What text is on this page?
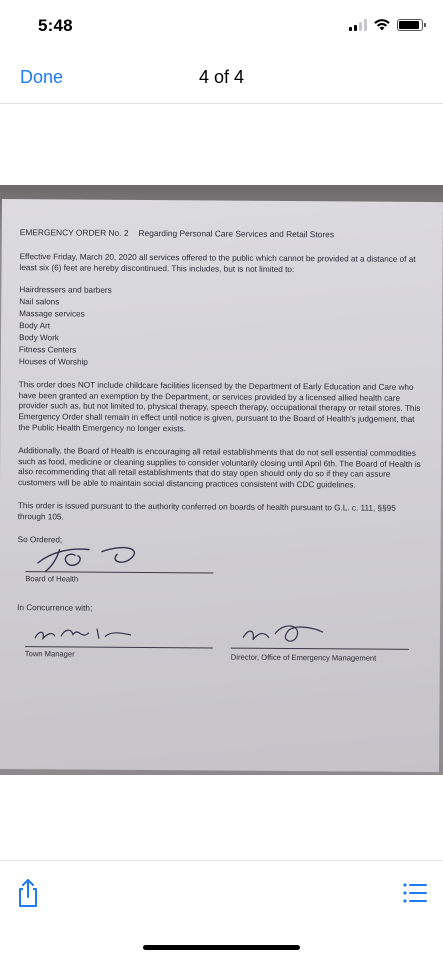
5:48
Done	4 of 4
EMERGENCY ORDER No. 2 Regarding Personal Care Services and Retail Stores

Effective Friday, March 20, 2020 all services offered to the public which cannot be provided at a distance of at least six (6) feet are hereby discontinued. This includes, but is not limited to:

Hairdressers and barbers
Nail salons
Massage services
Body Art
Body Work
Fitness Centers
Houses of Worship

This order does NOT include childcare facilities licensed by the Department of Early Education and Care who have been granted an exemption by the Department, or services provided by a licensed allied health care provider such as, but not limited to, physical therapy, speech therapy, occupational therapy or retail stores. This Emergency Order shall remain in effect until notice is given, pursuant to the Board of Health's judgement, that the Public Health Emergency no longer exists.

Additionally, the Board of Health is encouraging all retail establishments that do not sell essential commodities such as food, medicine or cleaning supplies to consider voluntarily closing until April 6th. The Board of Health is also recommending that all retail establishments that do stay open should only do so if they can assure customers will be able to maintain social distancing practices consistent with CDC guidelines.

This order is issued pursuant to the authority conferred on boards of health pursuant to G.L. c. 111, §§95 through 105.

So Ordered;

Board of Health

In Concurrence with;

Town Manager	Director, Office of Emergency Management
